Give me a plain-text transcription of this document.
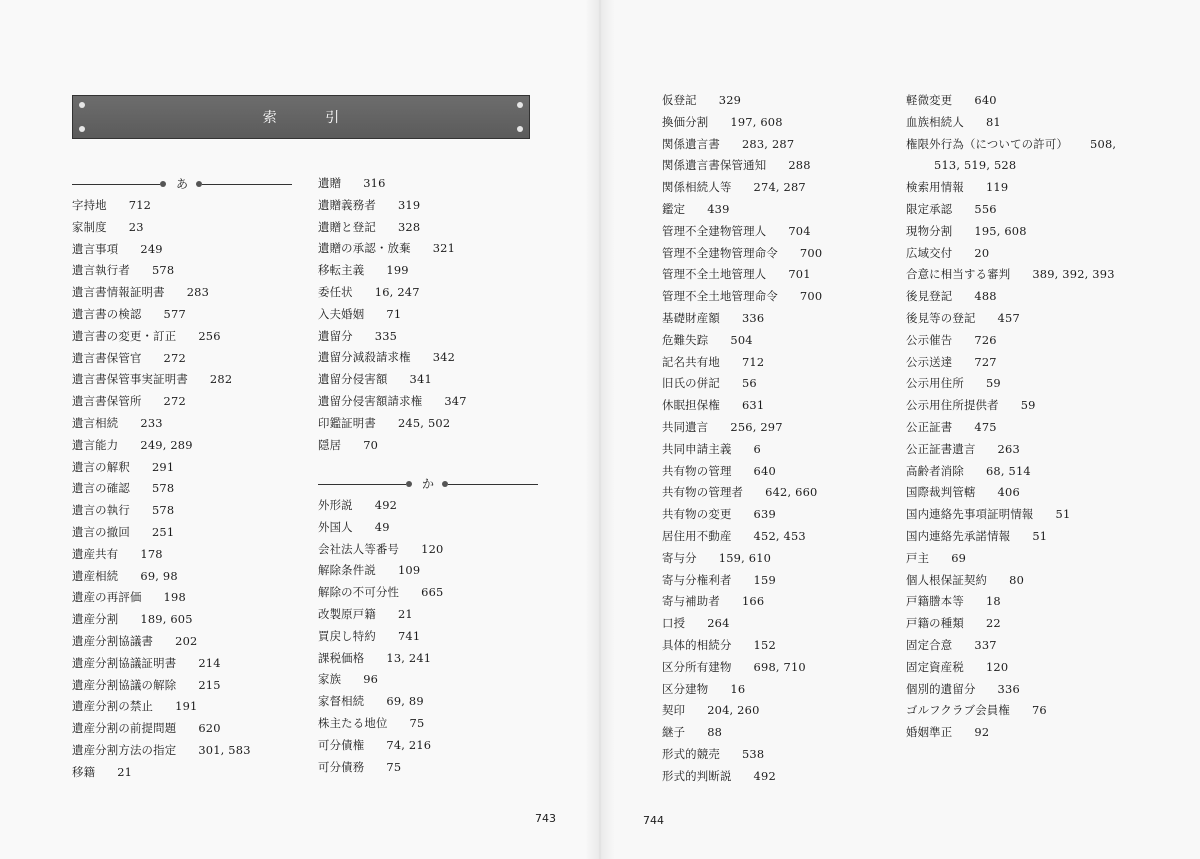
索 引
あ
か
字持地 712
家制度 23
遺言事項 249
遺言執行者 578
遺言書情報証明書 283
遺言書の検認 577
遺言書の変更・訂正 256
遺言書保管官 272
遺言書保管事実証明書 282
遺言書保管所 272
遺言相続 233
遺言能力 249, 289
遺言の解釈 291
遺言の確認 578
遺言の執行 578
遺言の撤回 251
遺産共有 178
遺産相続 69, 98
遺産の再評価 198
遺産分割 189, 605
遺産分割協議書 202
遺産分割協議証明書 214
遺産分割協議の解除 215
遺産分割の禁止 191
遺産分割の前提問題 620
遺産分割方法の指定 301, 583
移籍 21
遺贈 316
遺贈義務者 319
遺贈と登記 328
遺贈の承認・放棄 321
移転主義 199
委任状 16, 247
入夫婚姻 71
遺留分 335
遺留分減殺請求権 342
遺留分侵害額 341
遺留分侵害額請求権 347
印鑑証明書 245, 502
隠居 70
外形説 492
外国人 49
会社法人等番号 120
解除条件説 109
解除の不可分性 665
改製原戸籍 21
買戻し特約 741
課税価格 13, 241
家族 96
家督相続 69, 89
株主たる地位 75
可分債権 74, 216
可分債務 75
仮登記 329
換価分割 197, 608
関係遺言書 283, 287
関係遺言書保管通知 288
関係相続人等 274, 287
鑑定 439
管理不全建物管理人 704
管理不全建物管理命令 700
管理不全土地管理人 701
管理不全土地管理命令 700
基礎財産額 336
危難失踪 504
記名共有地 712
旧氏の併記 56
休眠担保権 631
共同遺言 256, 297
共同申請主義 6
共有物の管理 640
共有物の管理者 642, 660
共有物の変更 639
居住用不動産 452, 453
寄与分 159, 610
寄与分権利者 159
寄与補助者 166
口授 264
具体的相続分 152
区分所有建物 698, 710
区分建物 16
契印 204, 260
継子 88
形式的競売 538
形式的判断説 492
軽微変更 640
血族相続人 81
権限外行為（についての許可） 508,
513, 519, 528
検索用情報 119
限定承認 556
現物分割 195, 608
広域交付 20
合意に相当する審判 389, 392, 393
後見登記 488
後見等の登記 457
公示催告 726
公示送達 727
公示用住所 59
公示用住所提供者 59
公正証書 475
公正証書遺言 263
高齢者消除 68, 514
国際裁判管轄 406
国内連絡先事項証明情報 51
国内連絡先承諾情報 51
戸主 69
個人根保証契約 80
戸籍謄本等 18
戸籍の種類 22
固定合意 337
固定資産税 120
個別的遺留分 336
ゴルフクラブ会員権 76
婚姻準正 92
743	744
